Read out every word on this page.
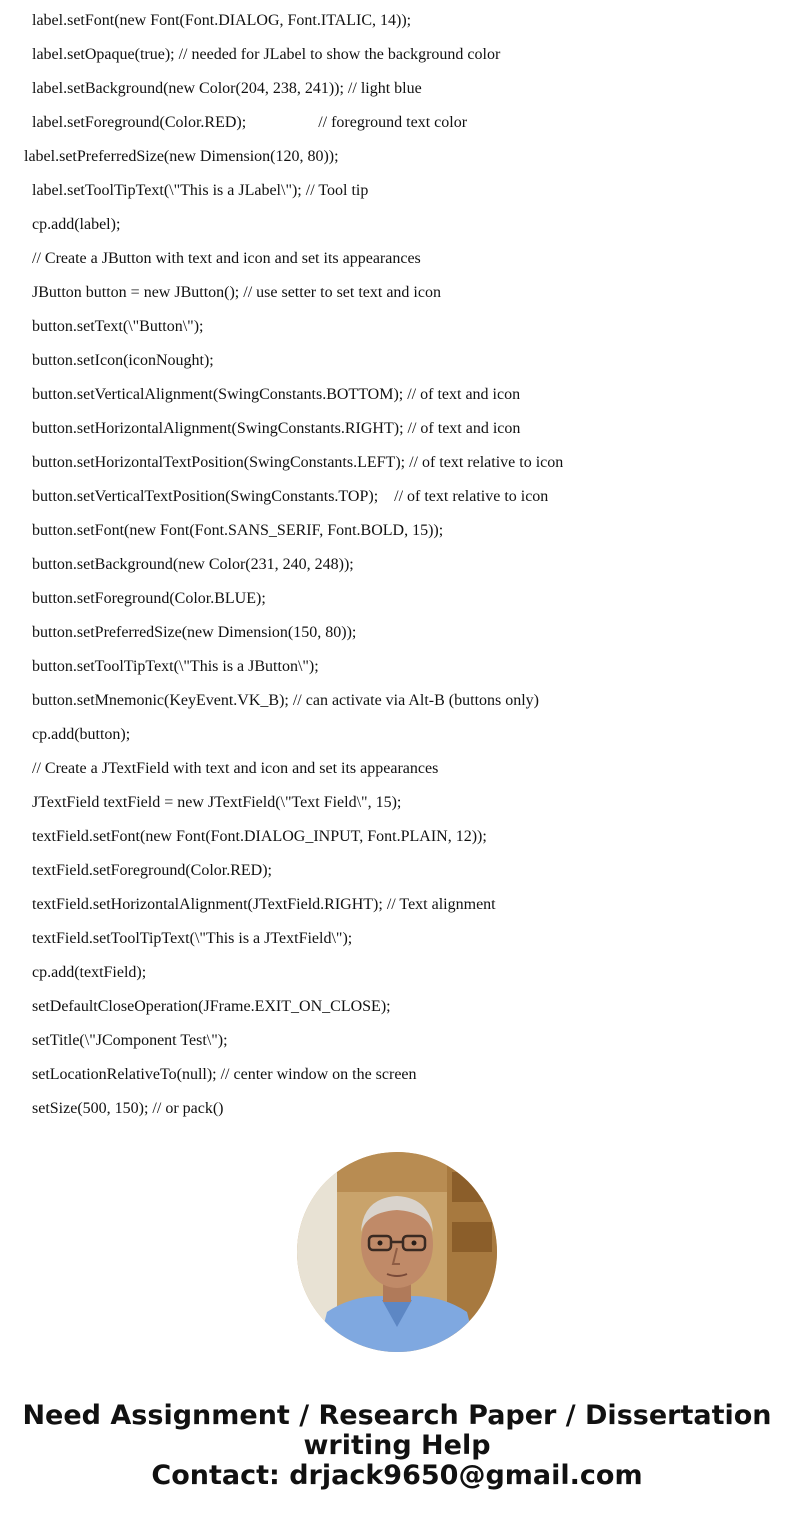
label.setFont(new Font(Font.DIALOG, Font.ITALIC, 14));
label.setOpaque(true); // needed for JLabel to show the background color
label.setBackground(new Color(204, 238, 241)); // light blue
label.setForeground(Color.RED);                  // foreground text color
label.setPreferredSize(new Dimension(120, 80));
label.setToolTipText(\"This is a JLabel\"); // Tool tip
cp.add(label);
// Create a JButton with text and icon and set its appearances
JButton button = new JButton(); // use setter to set text and icon
button.setText(\"Button\");
button.setIcon(iconNought);
button.setVerticalAlignment(SwingConstants.BOTTOM); // of text and icon
button.setHorizontalAlignment(SwingConstants.RIGHT); // of text and icon
button.setHorizontalTextPosition(SwingConstants.LEFT); // of text relative to icon
button.setVerticalTextPosition(SwingConstants.TOP);    // of text relative to icon
button.setFont(new Font(Font.SANS_SERIF, Font.BOLD, 15));
button.setBackground(new Color(231, 240, 248));
button.setForeground(Color.BLUE);
button.setPreferredSize(new Dimension(150, 80));
button.setToolTipText(\"This is a JButton\");
button.setMnemonic(KeyEvent.VK_B); // can activate via Alt-B (buttons only)
cp.add(button);
// Create a JTextField with text and icon and set its appearances
JTextField textField = new JTextField(\"Text Field\", 15);
textField.setFont(new Font(Font.DIALOG_INPUT, Font.PLAIN, 12));
textField.setForeground(Color.RED);
textField.setHorizontalAlignment(JTextField.RIGHT); // Text alignment
textField.setToolTipText(\"This is a JTextField\");
cp.add(textField);
setDefaultCloseOperation(JFrame.EXIT_ON_CLOSE);
setTitle(\"JComponent Test\");
setLocationRelativeTo(null); // center window on the screen
setSize(500, 150); // or pack()
Need Assignment / Research Paper / Dissertation
writing Help
Contact: drjack9650@gmail.com
